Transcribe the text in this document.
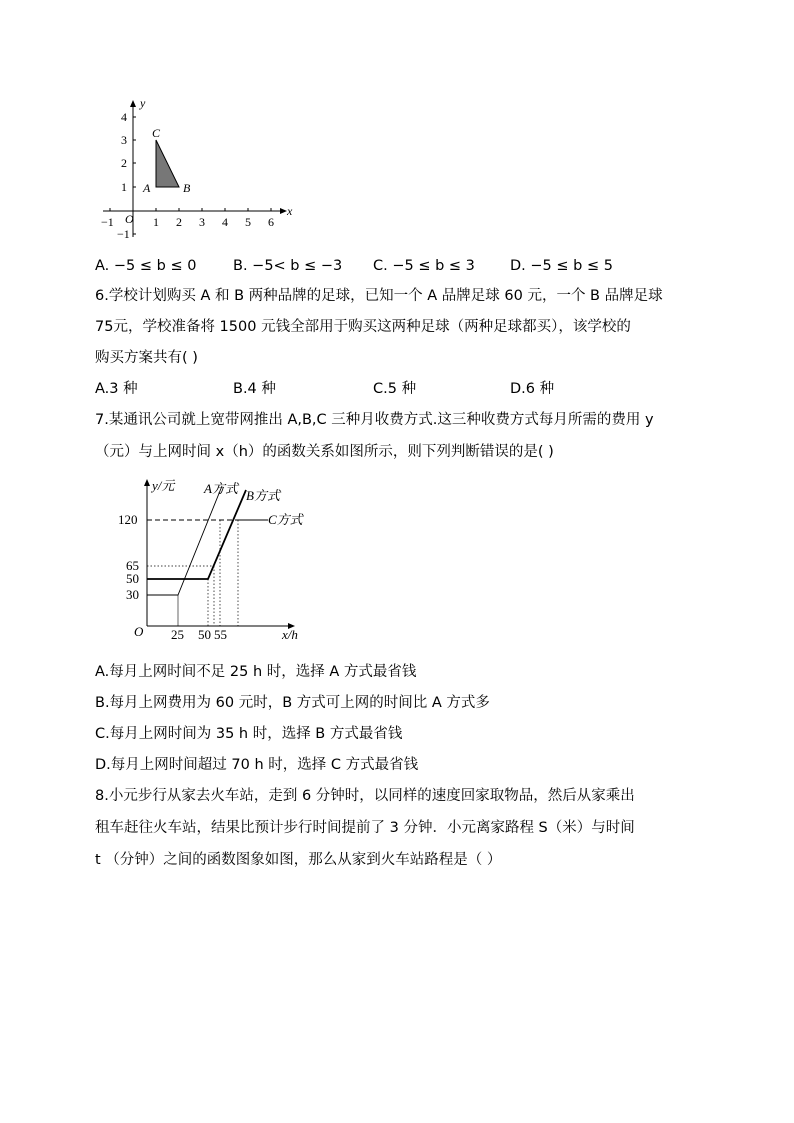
y
x
O
−1	1 2 3 4 5 6
4
3
2
1
−1
C
A	B
A. −5 ≤ b ≤ 0	B. −5< b ≤ −3 C. −5 ≤ b ≤ 3 D. −5 ≤ b ≤ 5
6.学校计划购买 A 和 B 两种品牌的足球，已知一个 A 品牌足球 60 元，一个 B 品牌足球
75元，学校准备将 1500 元钱全部用于购买这两种足球（两种足球都买），该学校的
购买方案共有( )
A.3 种	B.4 种	C.5 种	D.6 种
7.某通讯公司就上宽带网推出 A,B,C 三种月收费方式.这三种收费方式每月所需的费用 y
（元）与上网时间 x（h）的函数关系如图所示，则下列判断错误的是( )
y/元
x/h
O
120
65
50
30
25 50 55
A方式 B方式
C方式
A.每月上网时间不足 25 h 时，选择 A 方式最省钱
B.每月上网费用为 60 元时，B 方式可上网的时间比 A 方式多
C.每月上网时间为 35 h 时，选择 B 方式最省钱
D.每月上网时间超过 70 h 时，选择 C 方式最省钱
8.小元步行从家去火车站，走到 6 分钟时，以同样的速度回家取物品，然后从家乘出
租车赶往火车站，结果比预计步行时间提前了 3 分钟．小元离家路程 S（米）与时间
t （分钟）之间的函数图象如图，那么从家到火车站路程是（ ）
